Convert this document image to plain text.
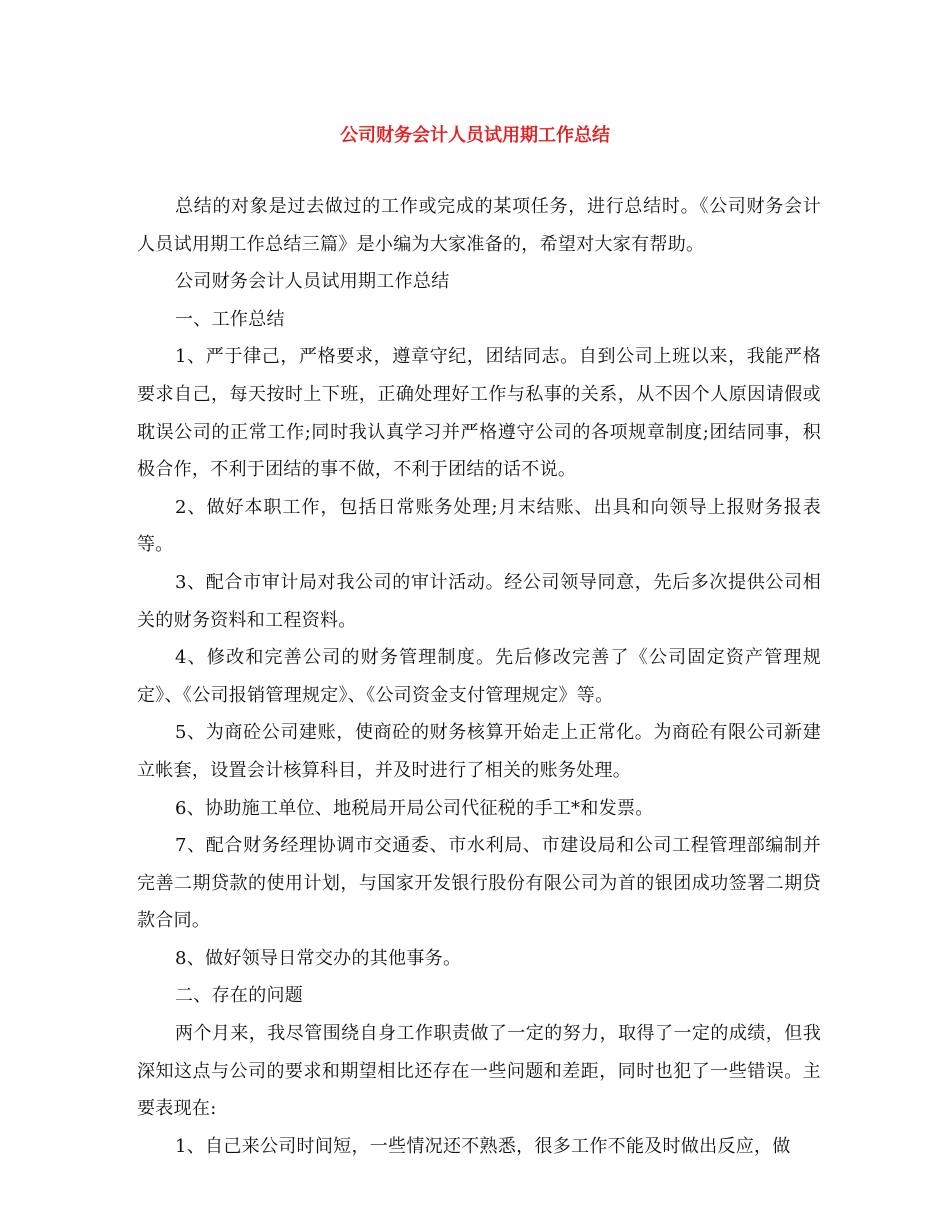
公司财务会计人员试用期工作总结

总结的对象是过去做过的工作或完成的某项任务，进行总结时。《公司财务会计人员试用期工作总结三篇》是小编为大家准备的，希望对大家有帮助。

公司财务会计人员试用期工作总结

一、工作总结

1、严于律己，严格要求，遵章守纪，团结同志。自到公司上班以来，我能严格要求自己，每天按时上下班，正确处理好工作与私事的关系，从不因个人原因请假或耽误公司的正常工作;同时我认真学习并严格遵守公司的各项规章制度;团结同事，积极合作，不利于团结的事不做，不利于团结的话不说。

2、做好本职工作，包括日常账务处理;月末结账、出具和向领导上报财务报表等。

3、配合市审计局对我公司的审计活动。经公司领导同意，先后多次提供公司相关的财务资料和工程资料。

4、修改和完善公司的财务管理制度。先后修改完善了《公司固定资产管理规定》、《公司报销管理规定》、《公司资金支付管理规定》等。

5、为商砼公司建账，使商砼的财务核算开始走上正常化。为商砼有限公司新建立帐套，设置会计核算科目，并及时进行了相关的账务处理。

6、协助施工单位、地税局开局公司代征税的手工*和发票。

7、配合财务经理协调市交通委、市水利局、市建设局和公司工程管理部编制并完善二期贷款的使用计划，与国家开发银行股份有限公司为首的银团成功签署二期贷款合同。

8、做好领导日常交办的其他事务。

二、存在的问题

两个月来，我尽管围绕自身工作职责做了一定的努力，取得了一定的成绩，但我深知这点与公司的要求和期望相比还存在一些问题和差距，同时也犯了一些错误。主要表现在:

1、自己来公司时间短，一些情况还不熟悉，很多工作不能及时做出反应，做
